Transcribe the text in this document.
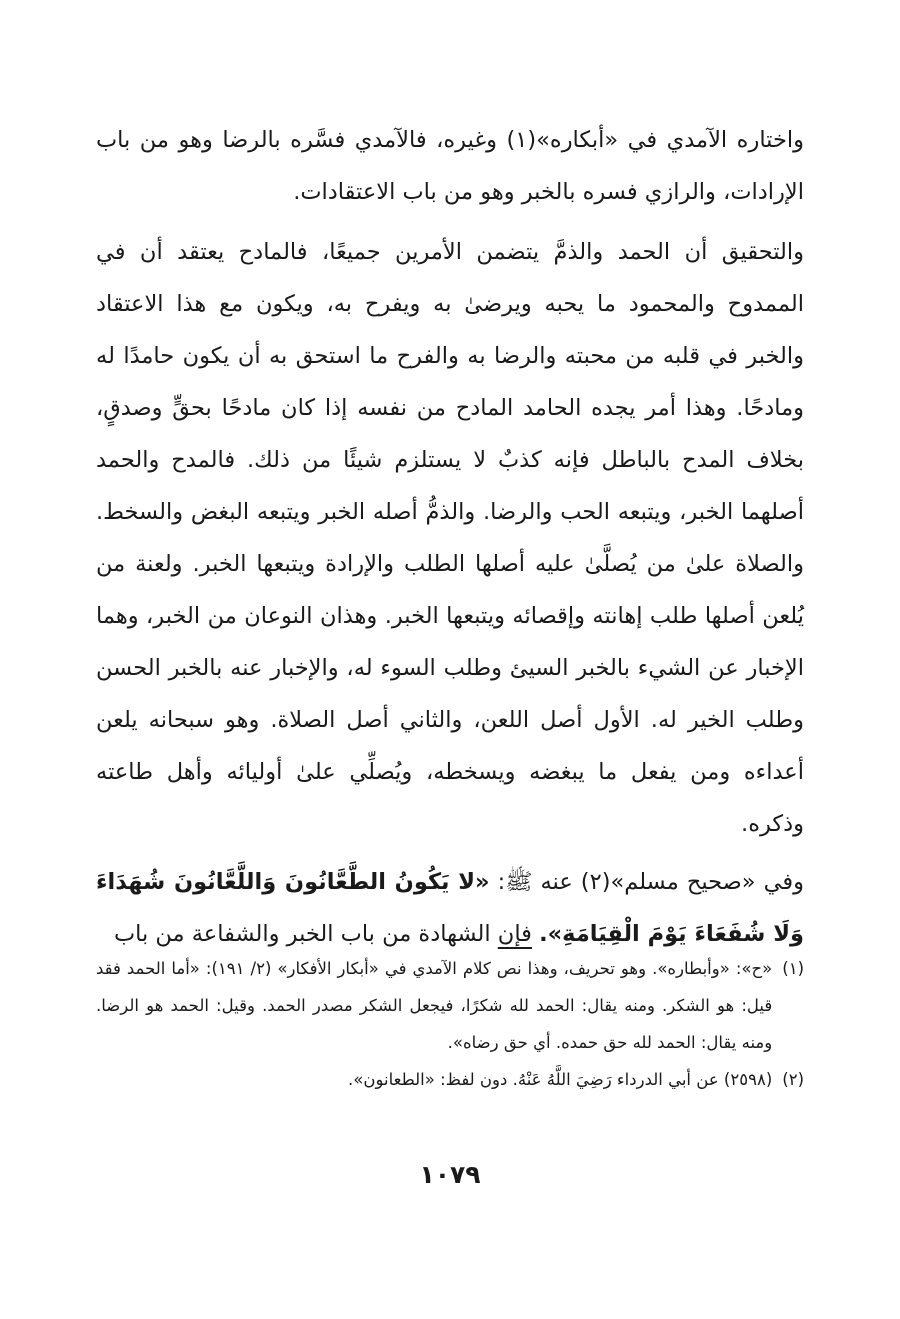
واختاره الآمدي في «أبكاره»(١) وغيره، فالآمدي فسَّره بالرضا وهو من باب الإرادات، والرازي فسره بالخبر وهو من باب الاعتقادات.

والتحقيق أن الحمد والذمَّ يتضمن الأمرين جميعًا، فالمادح يعتقد أن في الممدوح والمحمود ما يحبه ويرضىٰ به ويفرح به، ويكون مع هذا الاعتقاد والخبر في قلبه من محبته والرضا به والفرح ما استحق به أن يكون حامدًا له ومادحًا. وهذا أمر يجده الحامد المادح من نفسه إذا كان مادحًا بحقٍّ وصدقٍ، بخلاف المدح بالباطل فإنه كذبٌ لا يستلزم شيئًا من ذلك. فالمدح والحمد أصلهما الخبر، ويتبعه الحب والرضا. والذمُّ أصله الخبر ويتبعه البغض والسخط. والصلاة علىٰ من يُصلَّىٰ عليه أصلها الطلب والإرادة ويتبعها الخبر. ولعنة من يُلعن أصلها طلب إهانته وإقصائه ويتبعها الخبر. وهذان النوعان من الخبر، وهما الإخبار عن الشيء بالخبر السيئ وطلب السوء له، والإخبار عنه بالخبر الحسن وطلب الخير له. الأول أصل اللعن، والثاني أصل الصلاة. وهو سبحانه يلعن أعداءه ومن يفعل ما يبغضه ويسخطه، ويُصلِّي علىٰ أوليائه وأهل طاعته وذكره.

وفي «صحيح مسلم»(٢) عنه ﷺ: «لا يَكُونُ الطَّعَّانُونَ وَاللَّعَّانُونَ شُهَدَاءَ وَلَا شُفَعَاءَ يَوْمَ الْقِيَامَةِ». فإن الشهادة من باب الخبر والشفاعة من باب

(١)
«ح»: «وأبطاره». وهو تحريف، وهذا نص كلام الآمدي في «أبكار الأفكار» (٢/ ١٩١): «أما الحمد فقد قيل: هو الشكر. ومنه يقال: الحمد لله شكرًا، فيجعل الشكر مصدر الحمد. وقيل: الحمد هو الرضا. ومنه يقال: الحمد لله حق حمده. أي حق رضاه».
(٢)
(٢٥٩٨) عن أبي الدرداء رَضِيَ اللَّهُ عَنْهُ. دون لفظ: «الطعانون».
١٠٧٩
